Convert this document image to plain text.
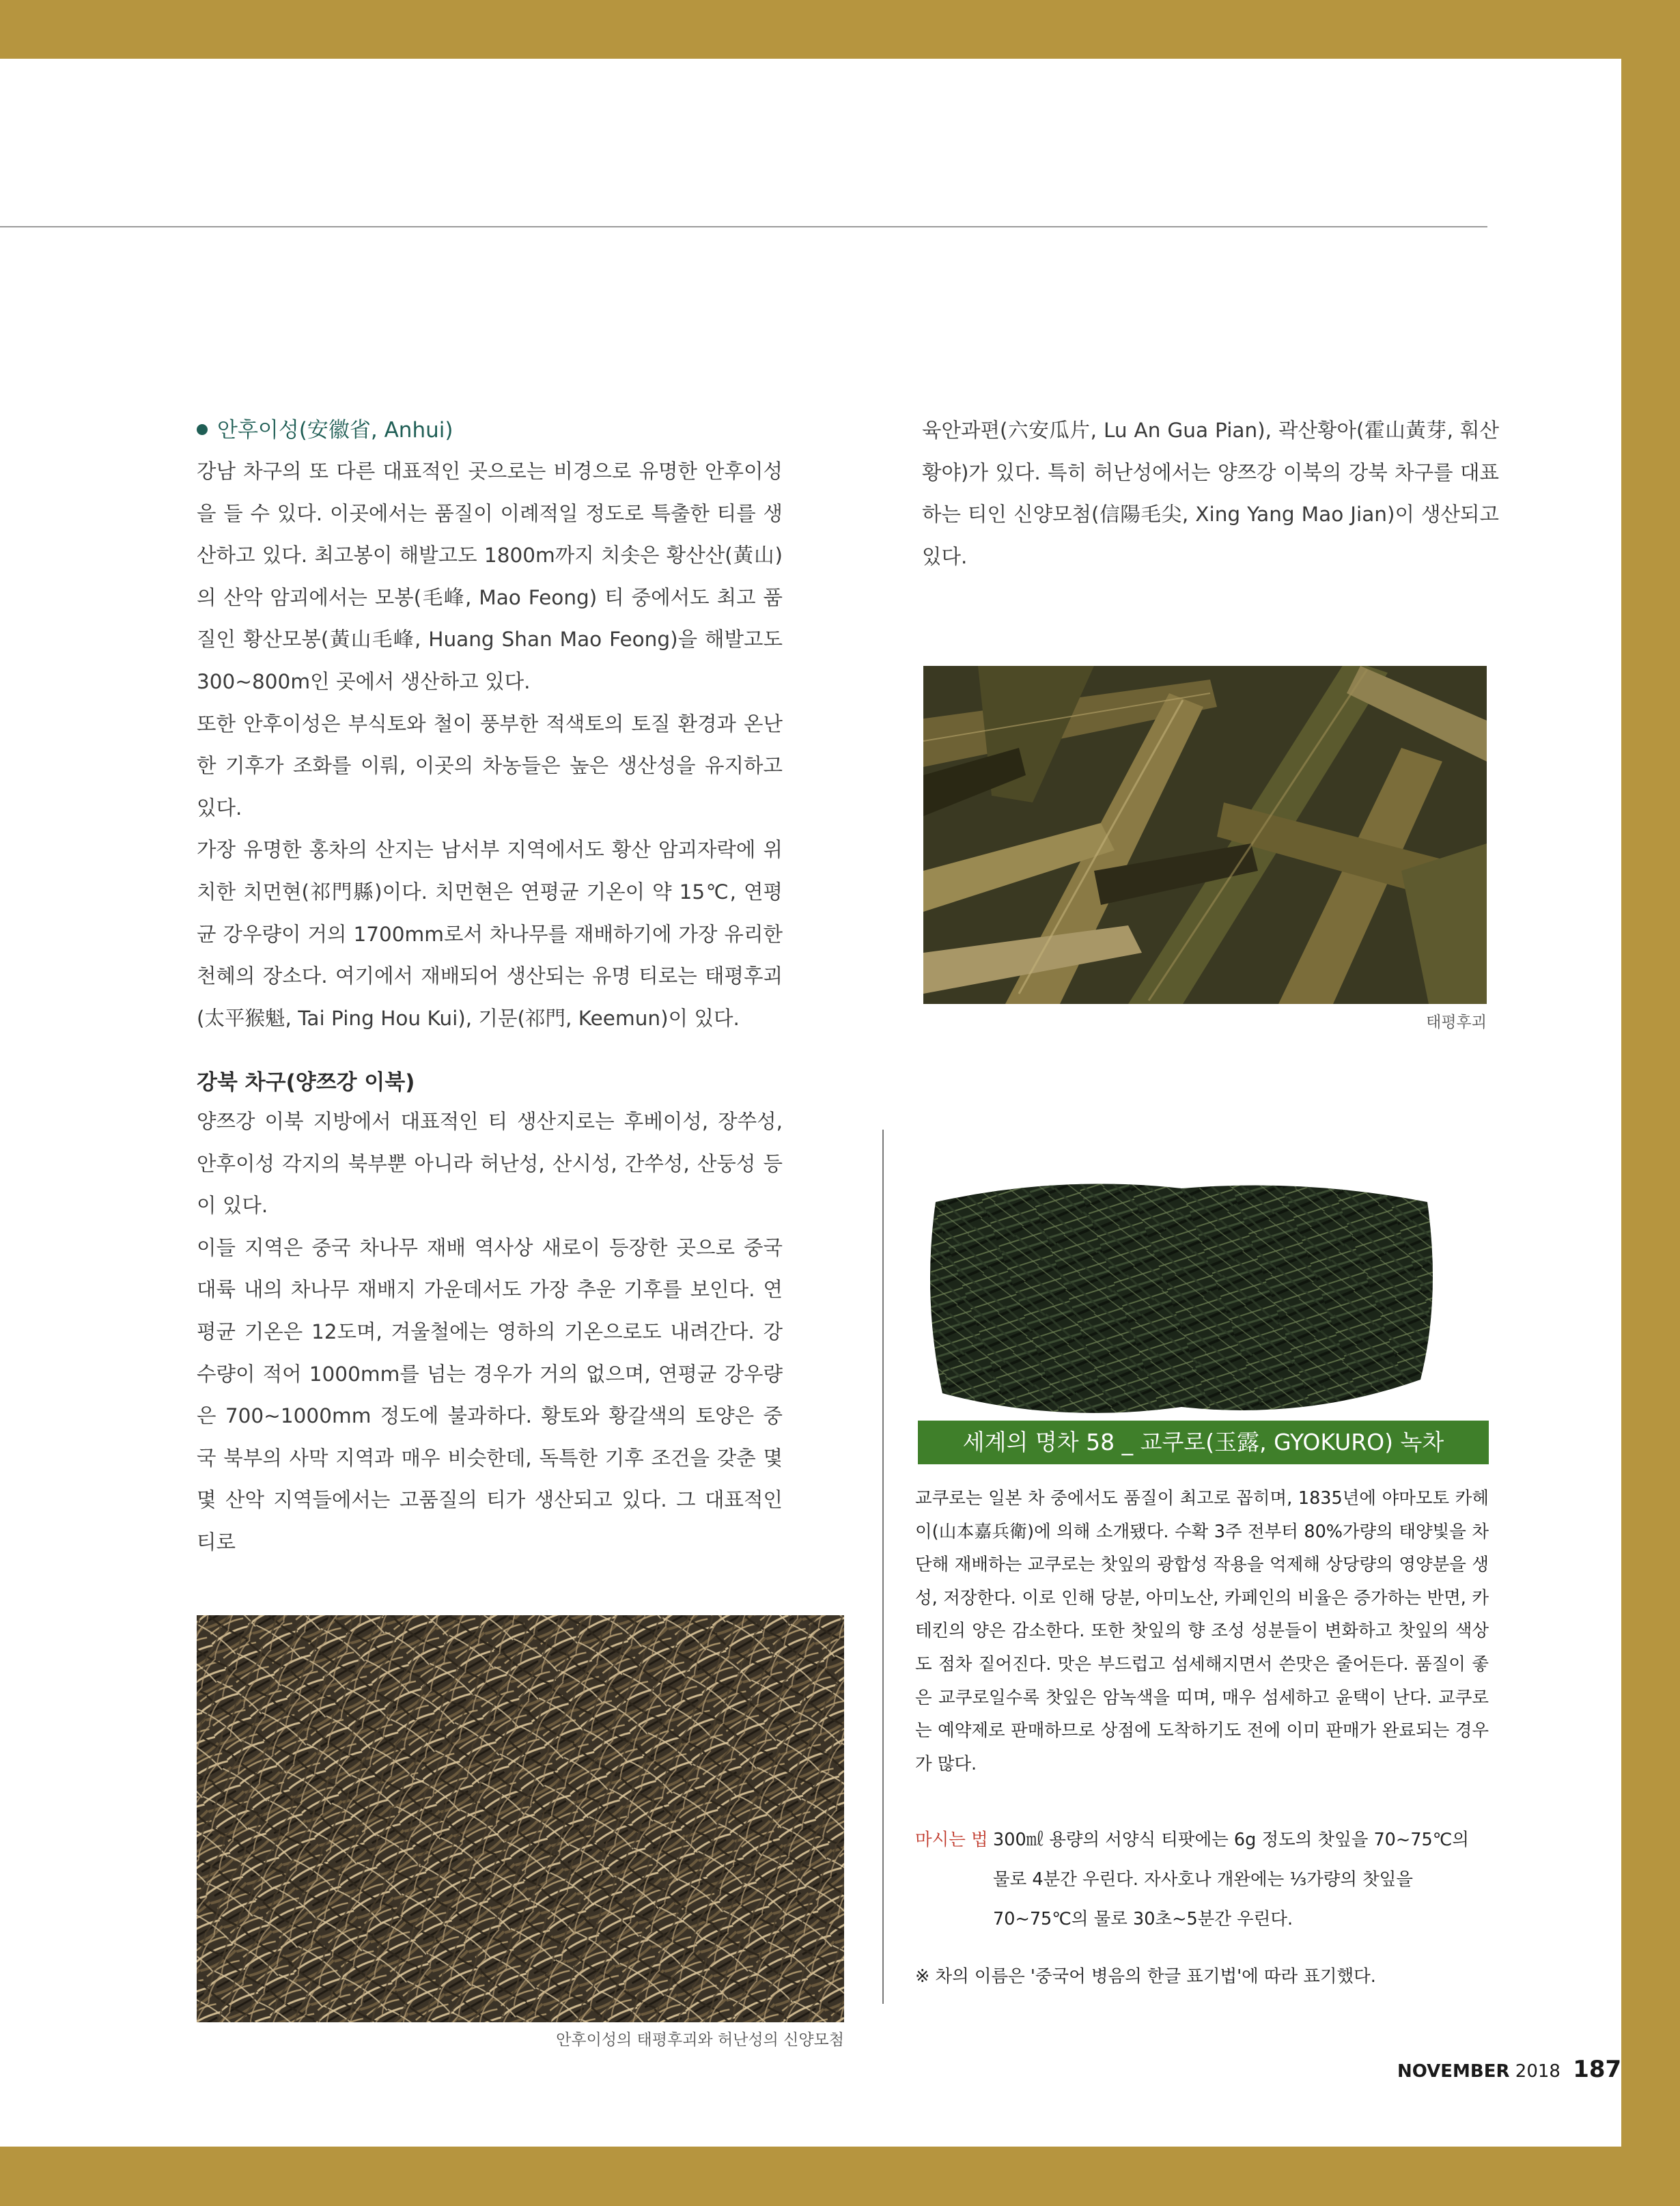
안후이성(安徽省, Anhui)

강남 차구의 또 다른 대표적인 곳으로는 비경으로 유명한 안후이성을 들 수 있다. 이곳에서는 품질이 이례적일 정도로 특출한 티를 생산하고 있다. 최고봉이 해발고도 1800m까지 치솟은 황산산(黃山)의 산악 암괴에서는 모봉(毛峰, Mao Feong) 티 중에서도 최고 품질인 황산모봉(黃山毛峰, Huang Shan Mao Feong)을 해발고도 300~800m인 곳에서 생산하고 있다.

또한 안후이성은 부식토와 철이 풍부한 적색토의 토질 환경과 온난한 기후가 조화를 이뤄, 이곳의 차농들은 높은 생산성을 유지하고 있다.

가장 유명한 홍차의 산지는 남서부 지역에서도 황산 암괴자락에 위치한 치먼현(祁門縣)이다. 치먼현은 연평균 기온이 약 15℃, 연평균 강우량이 거의 1700mm로서 차나무를 재배하기에 가장 유리한 천혜의 장소다. 여기에서 재배되어 생산되는 유명 티로는 태평후괴(太平猴魁, Tai Ping Hou Kui), 기문(祁門, Keemun)이 있다.

강북 차구(양쯔강 이북)

양쯔강 이북 지방에서 대표적인 티 생산지로는 후베이성, 장쑤성, 안후이성 각지의 북부뿐 아니라 허난성, 산시성, 간쑤성, 산둥성 등이 있다.

이들 지역은 중국 차나무 재배 역사상 새로이 등장한 곳으로 중국 대륙 내의 차나무 재배지 가운데서도 가장 추운 기후를 보인다. 연평균 기온은 12도며, 겨울철에는 영하의 기온으로도 내려간다. 강수량이 적어 1000mm를 넘는 경우가 거의 없으며, 연평균 강우량은 700~1000mm 정도에 불과하다. 황토와 황갈색의 토양은 중국 북부의 사막 지역과 매우 비슷한데, 독특한 기후 조건을 갖춘 몇몇 산악 지역들에서는 고품질의 티가 생산되고 있다. 그 대표적인 티로

안후이성의 태평후괴와 허난성의 신양모첨

육안과편(六安瓜片, Lu An Gua Pian), 곽산황아(霍山黃芽, 훠산황야)가 있다. 특히 허난성에서는 양쯔강 이북의 강북 차구를 대표하는 티인 신양모첨(信陽毛尖, Xing Yang Mao Jian)이 생산되고 있다.

태평후괴
세계의 명차 58 _ 교쿠로(玉露, GYOKURO) 녹차
교쿠로는 일본 차 중에서도 품질이 최고로 꼽히며, 1835년에 야마모토 카헤이(山本嘉兵衛)에 의해 소개됐다. 수확 3주 전부터 80%가량의 태양빛을 차단해 재배하는 교쿠로는 찻잎의 광합성 작용을 억제해 상당량의 영양분을 생성, 저장한다. 이로 인해 당분, 아미노산, 카페인의 비율은 증가하는 반면, 카테킨의 양은 감소한다. 또한 찻잎의 향 조성 성분들이 변화하고 찻잎의 색상도 점차 짙어진다. 맛은 부드럽고 섬세해지면서 쓴맛은 줄어든다. 품질이 좋은 교쿠로일수록 찻잎은 암녹색을 띠며, 매우 섬세하고 윤택이 난다. 교쿠로는 예약제로 판매하므로 상점에 도착하기도 전에 이미 판매가 완료되는 경우가 많다.
마시는 법 300㎖ 용량의 서양식 티팟에는 6g 정도의 찻잎을 70~75℃의 물로 4분간 우린다. 자사호나 개완에는 ⅓가량의 찻잎을 70~75℃의 물로 30초~5분간 우린다.
※ 차의 이름은 '중국어 병음의 한글 표기법'에 따라 표기했다.
NOVEMBER 2018 187
